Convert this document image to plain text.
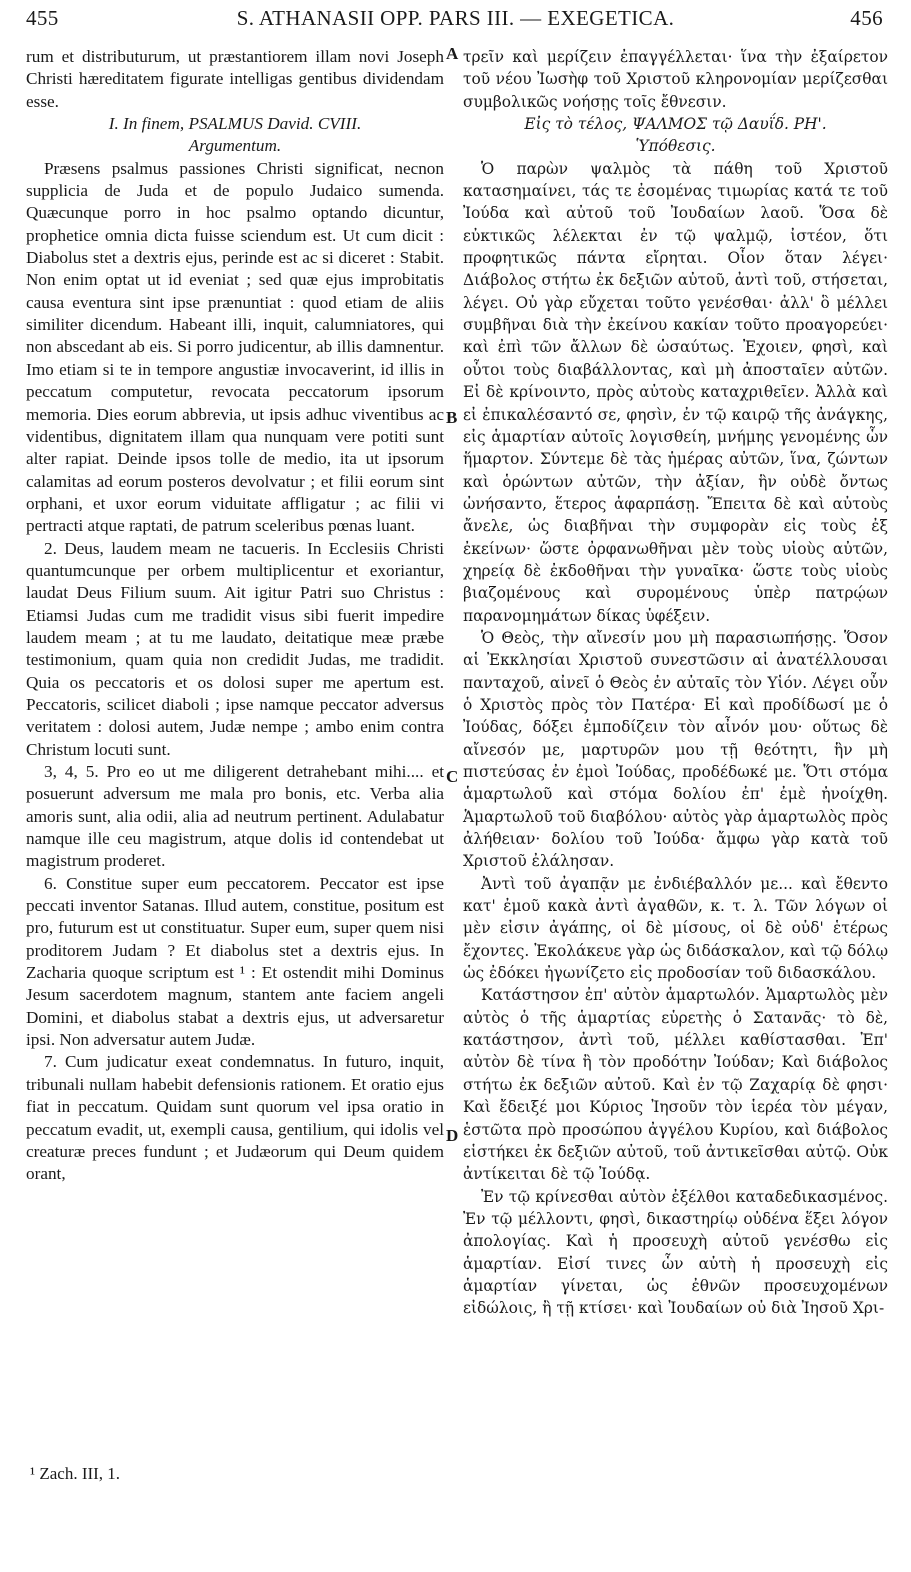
455	S. ATHANASII OPP. PARS III. — EXEGETICA.	456

rum et distributurum, ut præstantiorem illam novi Joseph Christi hæreditatem figurate intelligas gentibus dividendam esse.

I. In finem, PSALMUS David. CVIII.

Argumentum.

Præsens psalmus passiones Christi significat, necnon supplicia de Juda et de populo Judaico sumenda. Quæcunque porro in hoc psalmo optando dicuntur, prophetice omnia dicta fuisse sciendum est. Ut cum dicit : Diabolus stet a dextris ejus, perinde est ac si diceret : Stabit. Non enim optat ut id eveniat ; sed quæ ejus improbitatis causa eventura sint ipse prænuntiat : quod etiam de aliis similiter dicendum. Habeant illi, inquit, calumniatores, qui non abscedant ab eis. Si porro judicentur, ab illis damnentur. Imo etiam si te in tempore angustiæ invocaverint, id illis in peccatum computetur, revocata peccatorum ipsorum memoria. Dies eorum abbrevia, ut ipsis adhuc viventibus ac videntibus, dignitatem illam qua nunquam vere potiti sunt alter rapiat. Deinde ipsos tolle de medio, ita ut ipsorum calamitas ad eorum posteros devolvatur ; et filii eorum sint orphani, et uxor eorum viduitate affligatur ; ac filii vi pertracti atque raptati, de patrum sceleribus pœnas luant.

2. Deus, laudem meam ne tacueris. In Ecclesiis Christi quantumcunque per orbem multiplicentur et exoriantur, laudat Deus Filium suum. Ait igitur Patri suo Christus : Etiamsi Judas cum me tradidit visus sibi fuerit impedire laudem meam ; at tu me laudato, deitatique meæ præbe testimonium, quam quia non credidit Judas, me tradidit. Quia os peccatoris et os dolosi super me apertum est. Peccatoris, scilicet diaboli ; ipse namque peccator adversus veritatem : dolosi autem, Judæ nempe ; ambo enim contra Christum locuti sunt.

3, 4, 5. Pro eo ut me diligerent detrahebant mihi.... et posuerunt adversum me mala pro bonis, etc. Verba alia amoris sunt, alia odii, alia ad neutrum pertinent. Adulabatur namque ille ceu magistrum, atque dolis id contendebat ut magistrum proderet.

6. Constitue super eum peccatorem. Peccator est ipse peccati inventor Satanas. Illud autem, constitue, positum est pro, futurum est ut constituatur. Super eum, super quem nisi proditorem Judam ? Et diabolus stet a dextris ejus. In Zacharia quoque scriptum est ¹ : Et ostendit mihi Dominus Jesum sacerdotem magnum, stantem ante faciem angeli Domini, et diabolus stabat a dextris ejus, ut adversaretur ipsi. Non adversatur autem Judæ.

7. Cum judicatur exeat condemnatus. In futuro, inquit, tribunali nullam habebit defensionis rationem. Et oratio ejus fiat in peccatum. Quidam sunt quorum vel ipsa oratio in peccatum evadit, ut, exempli causa, gentilium, qui idolis vel creaturæ preces fundunt ; et Judæorum qui Deum quidem orant,

τρεῖν καὶ μερίζειν ἐπαγγέλλεται· ἵνα τὴν ἐξαίρετον τοῦ νέου Ἰωσὴφ τοῦ Χριστοῦ κληρονομίαν μερίζεσθαι συμβολικῶς νοήσῃς τοῖς ἔθνεσιν.

Εἰς τὸ τέλος, ΨΑΛΜΟΣ τῷ Δαυΐδ. ΡΗ'.

Ὑπόθεσις.

Ὁ παρὼν ψαλμὸς τὰ πάθη τοῦ Χριστοῦ κατασημαίνει, τάς τε ἐσομένας τιμωρίας κατά τε τοῦ Ἰούδα καὶ αὐτοῦ τοῦ Ἰουδαίων λαοῦ. Ὅσα δὲ εὐκτικῶς λέλεκται ἐν τῷ ψαλμῷ, ἰστέον, ὅτι προφητικῶς πάντα εἴρηται. Οἷον ὅταν λέγει· Διάβολος στήτω ἐκ δεξιῶν αὐτοῦ, ἀντὶ τοῦ, στήσεται, λέγει. Οὐ γὰρ εὔχεται τοῦτο γενέσθαι· ἀλλ' ὃ μέλλει συμβῆναι διὰ τὴν ἐκείνου κακίαν τοῦτο προαγορεύει· καὶ ἐπὶ τῶν ἄλλων δὲ ὡσαύτως. Ἐχοιεν, φησὶ, καὶ οὗτοι τοὺς διαβάλλοντας, καὶ μὴ ἀποσταῖεν αὐτῶν. Εἰ δὲ κρίνοιντο, πρὸς αὐτοὺς καταχριθεῖεν. Ἀλλὰ καὶ εἰ ἐπικαλέσαντό σε, φησὶν, ἐν τῷ καιρῷ τῆς ἀνάγκης, εἰς ἁμαρτίαν αὐτοῖς λογισθείη, μνήμης γενομένης ὧν ἥμαρτον. Σύντεμε δὲ τὰς ἡμέρας αὐτῶν, ἵνα, ζώντων καὶ ὁρώντων αὐτῶν, τὴν ἀξίαν, ἣν οὐδὲ ὄντως ὠνήσαντο, ἕτερος ἁφαρπάσῃ. Ἔπειτα δὲ καὶ αὐτοὺς ἄνελε, ὡς διαβῆναι τὴν συμφορὰν εἰς τοὺς ἐξ ἐκείνων· ὥστε ὀρφανωθῆναι μὲν τοὺς υἱοὺς αὐτῶν, χηρείᾳ δὲ ἐκδοθῆναι τὴν γυναῖκα· ὥστε τοὺς υἱοὺς βιαζομένους καὶ συρομένους ὑπὲρ πατρῴων παρανομημάτων δίκας ὑφέξειν.

Ὁ Θεὸς, τὴν αἴνεσίν μου μὴ παρασιωπήσῃς. Ὅσον αἱ Ἐκκλησίαι Χριστοῦ συνεστῶσιν αἱ ἀνατέλλουσαι πανταχοῦ, αἰνεῖ ὁ Θεὸς ἐν αὐταῖς τὸν Υἱόν. Λέγει οὖν ὁ Χριστὸς πρὸς τὸν Πατέρα· Εἰ καὶ προδίδωσί με ὁ Ἰούδας, δόξει ἐμποδίζειν τὸν αἶνόν μου· οὕτως δὲ αἴνεσόν με, μαρτυρῶν μου τῇ θεότητι, ἣν μὴ πιστεύσας ἐν ἐμοὶ Ἰούδας, προδέδωκέ με. Ὅτι στόμα ἁμαρτωλοῦ καὶ στόμα δολίου ἐπ' ἐμὲ ἠνοίχθη. Ἁμαρτωλοῦ τοῦ διαβόλου· αὐτὸς γὰρ ἁμαρτωλὸς πρὸς ἀλήθειαν· δολίου τοῦ Ἰούδα· ἄμφω γὰρ κατὰ τοῦ Χριστοῦ ἐλάλησαν.

Ἀντὶ τοῦ ἀγαπᾷν με ἐνδιέβαλλόν με... καὶ ἔθεντο κατ' ἐμοῦ κακὰ ἀντὶ ἀγαθῶν, κ. τ. λ. Τῶν λόγων οἱ μὲν εἰσιν ἀγάπης, οἱ δὲ μίσους, οἱ δὲ οὐδ' ἑτέρως ἔχοντες. Ἐκολάκευε γὰρ ὡς διδάσκαλον, καὶ τῷ δόλῳ ὡς ἐδόκει ἠγωνίζετο εἰς προδοσίαν τοῦ διδασκάλου.

Κατάστησον ἐπ' αὐτὸν ἁμαρτωλόν. Ἁμαρτωλὸς μὲν αὐτὸς ὁ τῆς ἁμαρτίας εὑρετὴς ὁ Σατανᾶς· τὸ δὲ, κατάστησον, ἀντὶ τοῦ, μέλλει καθίστασθαι. Ἐπ' αὐτὸν δὲ τίνα ἢ τὸν προδότην Ἰούδαν; Καὶ διάβολος στήτω ἐκ δεξιῶν αὐτοῦ. Καὶ ἐν τῷ Ζαχαρίᾳ δὲ φησι· Καὶ ἔδειξέ μοι Κύριος Ἰησοῦν τὸν ἱερέα τὸν μέγαν, ἑστῶτα πρὸ προσώπου ἀγγέλου Κυρίου, καὶ διάβολος εἱστήκει ἐκ δεξιῶν αὐτοῦ, τοῦ ἀντικεῖσθαι αὐτῷ. Οὐκ ἀντίκειται δὲ τῷ Ἰούδᾳ.

Ἐν τῷ κρίνεσθαι αὐτὸν ἐξέλθοι καταδεδικασμένος. Ἐν τῷ μέλλοντι, φησὶ, δικαστηρίῳ οὐδένα ἕξει λόγον ἀπολογίας. Καὶ ἡ προσευχὴ αὐτοῦ γενέσθω εἰς ἁμαρτίαν. Εἰσί τινες ὧν αὐτὴ ἡ προσευχὴ εἰς ἁμαρτίαν γίνεται, ὡς ἐθνῶν προσευχομένων εἰδώλοις, ἢ τῇ κτίσει· καὶ Ἰουδαίων οὐ διὰ Ἰησοῦ Χρι-

A
B
C
D
¹ Zach. III, 1.
